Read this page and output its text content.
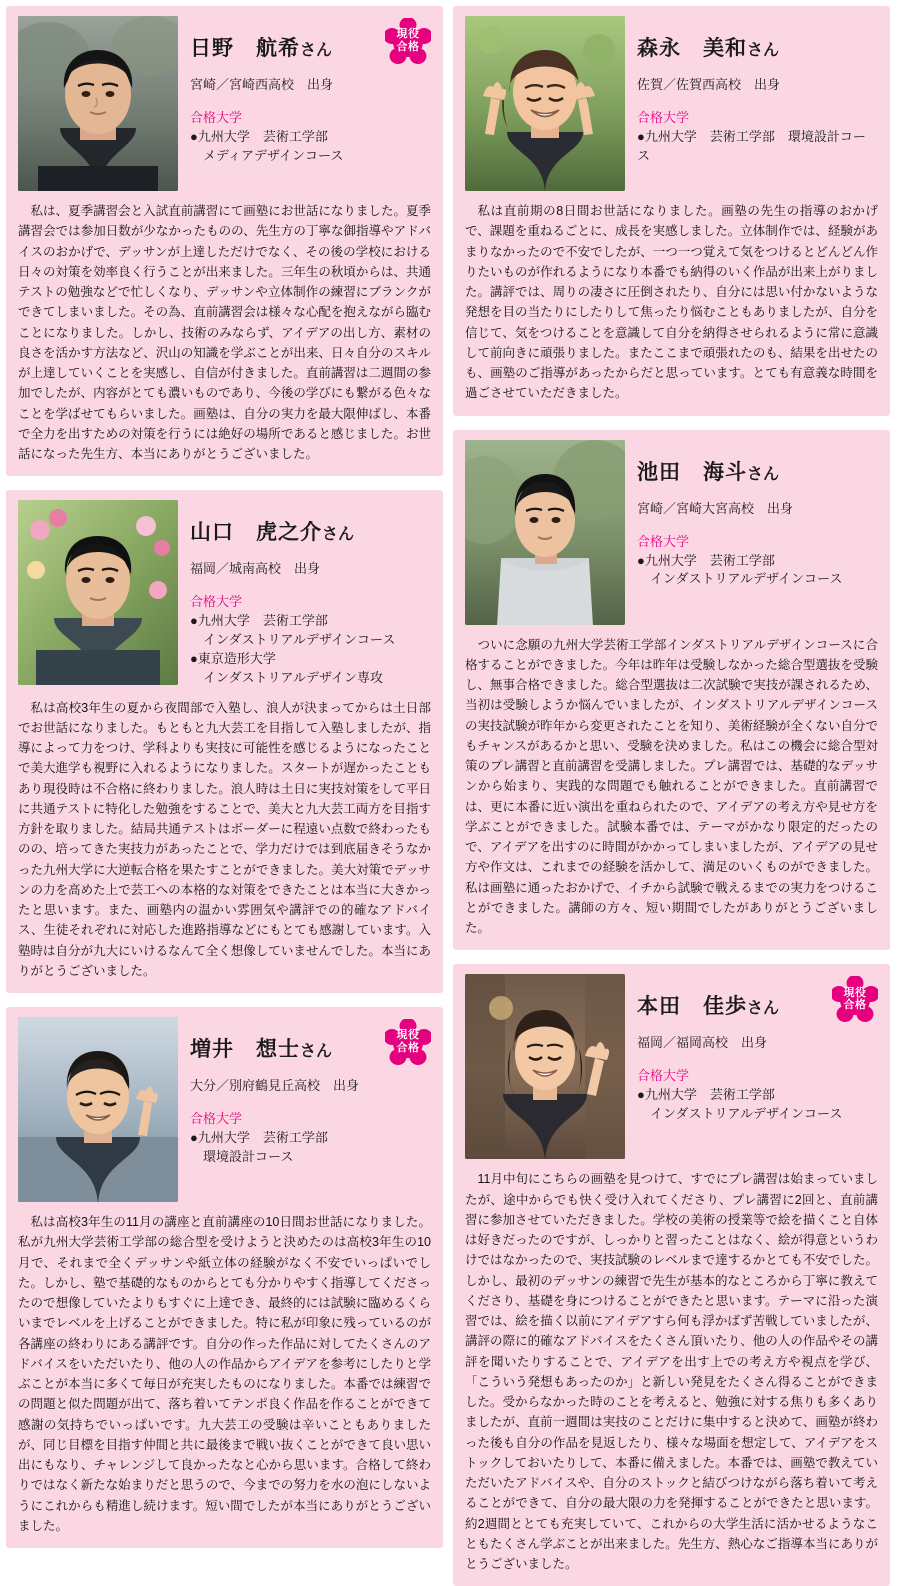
日野　航希さん
宮崎／宮崎西高校　出身
合格大学
●九州大学　芸術工学部
メディアデザインコース
現役
合格
私は、夏季講習会と入試直前講習にて画塾にお世話になりました。夏季講習会では参加日数が少なかったものの、先生方の丁寧な御指導やアドバイスのおかげで、デッサンが上達しただけでなく、その後の学校における日々の対策を効率良く行うことが出来ました。三年生の秋頃からは、共通テストの勉強などで忙しくなり、デッサンや立体制作の練習にブランクができてしまいました。その為、直前講習会は様々な心配を抱えながら臨むことになりました。しかし、技術のみならず、アイデアの出し方、素材の良さを活かす方法など、沢山の知識を学ぶことが出来、日々自分のスキルが上達していくことを実感し、自信が付きました。直前講習は二週間の参加でしたが、内容がとても濃いものであり、今後の学びにも繋がる色々なことを学ばせてもらいました。画塾は、自分の実力を最大限伸ばし、本番で全力を出すための対策を行うには絶好の場所であると感じました。お世話になった先生方、本当にありがとうございました。
山口　虎之介さん
福岡／城南高校　出身
合格大学
●九州大学　芸術工学部
インダストリアルデザインコース
●東京造形大学
インダストリアルデザイン専攻
私は高校3年生の夏から夜間部で入塾し、浪人が決まってからは土日部でお世話になりました。もともと九大芸工を目指して入塾しましたが、指導によって力をつけ、学科よりも実技に可能性を感じるようになったことで美大進学も視野に入れるようになりました。スタートが遅かったこともあり現役時は不合格に終わりました。浪人時は土日に実技対策をして平日に共通テストに特化した勉強をすることで、美大と九大芸工両方を目指す方針を取りました。結局共通テストはボーダーに程遠い点数で終わったものの、培ってきた実技力があったことで、学力だけでは到底届きそうなかった九州大学に大逆転合格を果たすことができました。美大対策でデッサンの力を高めた上で芸工への本格的な対策をできたことは本当に大きかったと思います。また、画塾内の温かい雰囲気や講評での的確なアドバイス、生徒それぞれに対応した進路指導などにもとても感謝しています。入塾時は自分が九大にいけるなんて全く想像していませんでした。本当にありがとうございました。
増井　想士さん
大分／別府鶴見丘高校　出身
合格大学
●九州大学　芸術工学部
環境設計コース
現役
合格
私は高校3年生の11月の講座と直前講座の10日間お世話になりました。私が九州大学芸術工学部の総合型を受けようと決めたのは高校3年生の10月で、それまで全くデッサンや紙立体の経験がなく不安でいっぱいでした。しかし、塾で基礎的なものからとても分かりやすく指導してくださったので想像していたよりもすぐに上達でき、最終的には試験に臨めるくらいまでレベルを上げることができました。特に私が印象に残っているのが各講座の終わりにある講評です。自分の作った作品に対してたくさんのアドバイスをいただいたり、他の人の作品からアイデアを参考にしたりと学ぶことが本当に多くて毎日が充実したものになりました。本番では練習での問題と似た問題が出て、落ち着いてテンポ良く作品を作ることができて感謝の気持ちでいっぱいです。九大芸工の受験は辛いこともありましたが、同じ目標を目指す仲間と共に最後まで戦い抜くことができて良い思い出にもなり、チャレンジして良かったなと心から思います。合格して終わりではなく新たな始まりだと思うので、今までの努力を水の泡にしないようにこれからも精進し続けます。短い間でしたが本当にありがとうございました。
森永　美和さん
佐賀／佐賀西高校　出身
合格大学
●九州大学　芸術工学部　環境設計コース
私は直前期の8日間お世話になりました。画塾の先生の指導のおかげで、課題を重ねるごとに、成長を実感しました。立体制作では、経験があまりなかったので不安でしたが、一つ一つ覚えて気をつけるとどんどん作りたいものが作れるようになり本番でも納得のいく作品が出来上がりました。講評では、周りの凄さに圧倒されたり、自分には思い付かないような発想を目の当たりにしたりして焦ったり悩むこともありましたが、自分を信じて、気をつけることを意識して自分を納得させられるように常に意識して前向きに頑張りました。またここまで頑張れたのも、結果を出せたのも、画塾のご指導があったからだと思っています。とても有意義な時間を過ごさせていただきました。
池田　海斗さん
宮崎／宮崎大宮高校　出身
合格大学
●九州大学　芸術工学部
インダストリアルデザインコース
ついに念願の九州大学芸術工学部インダストリアルデザインコースに合格することができました。今年は昨年は受験しなかった総合型選抜を受験し、無事合格できました。総合型選抜は二次試験で実技が課されるため、当初は受験しようか悩んでいましたが、インダストリアルデザインコースの実技試験が昨年から変更されたことを知り、美術経験が全くない自分でもチャンスがあるかと思い、受験を決めました。私はこの機会に総合型対策のプレ講習と直前講習を受講しました。プレ講習では、基礎的なデッサンから始まり、実践的な問題でも触れることができました。直前講習では、更に本番に近い演出を重ねられたので、アイデアの考え方や見せ方を学ぶことができました。試験本番では、テーマがかなり限定的だったので、アイデアを出すのに時間がかかってしまいましたが、アイデアの見せ方や作文は、これまでの経験を活かして、満足のいくものができました。私は画塾に通ったおかげで、イチから試験で戦えるまでの実力をつけることができました。講師の方々、短い期間でしたがありがとうございました。
本田　佳歩さん
福岡／福岡高校　出身
合格大学
●九州大学　芸術工学部
インダストリアルデザインコース
現役
合格
11月中旬にこちらの画塾を見つけて、すでにプレ講習は始まっていましたが、途中からでも快く受け入れてくださり、プレ講習に2回と、直前講習に参加させていただきました。学校の美術の授業等で絵を描くこと自体は好きだったのですが、しっかりと習ったことはなく、絵が得意というわけではなかったので、実技試験のレベルまで達するかとても不安でした。しかし、最初のデッサンの練習で先生が基本的なところから丁寧に教えてくださり、基礎を身につけることができたと思います。テーマに沿った演習では、絵を描く以前にアイデアすら何も浮かばず苦戦していましたが、講評の際に的確なアドバイスをたくさん頂いたり、他の人の作品やその講評を聞いたりすることで、アイデアを出す上での考え方や視点を学び、「こういう発想もあったのか」と新しい発見をたくさん得ることができました。受からなかった時のことを考えると、勉強に対する焦りも多くありましたが、直前一週間は実技のことだけに集中すると決めて、画塾が終わった後も自分の作品を見返したり、様々な場面を想定して、アイデアをストックしておいたりして、本番に備えました。本番では、画塾で教えていただいたアドバイスや、自分のストックと結びつけながら落ち着いて考えることができて、自分の最大限の力を発揮することができたと思います。約2週間ととても充実していて、これからの大学生活に活かせるようなこともたくさん学ぶことが出来ました。先生方、熱心なご指導本当にありがとうございました。
